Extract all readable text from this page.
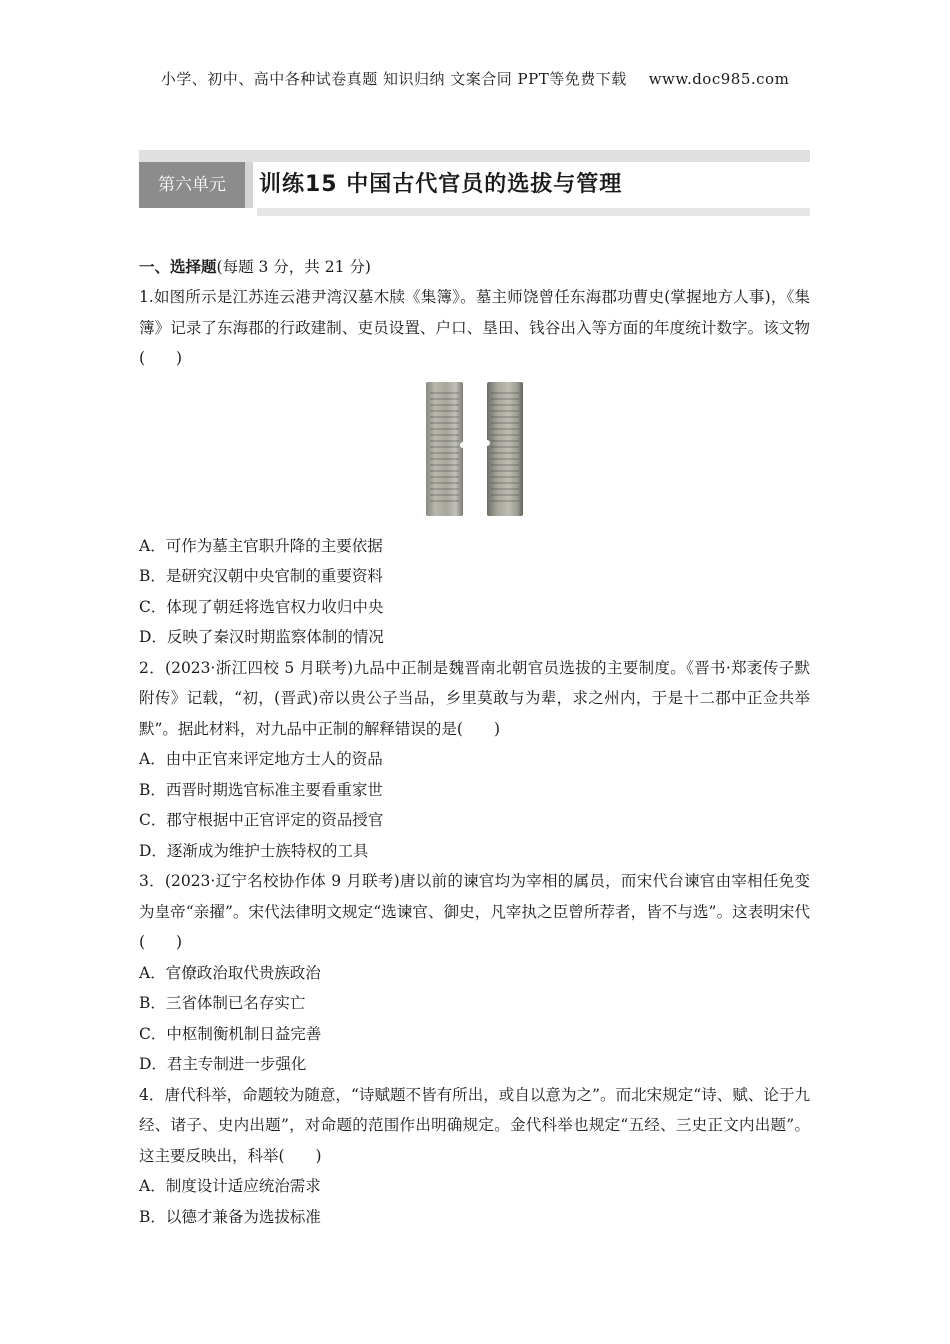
小学、初中、高中各种试卷真题 知识归纳 文案合同 PPT等免费下载 www.doc985.com
第六单元	训练15 中国古代官员的选拔与管理

一、选择题(每题 3 分，共 21 分)

1.如图所示是江苏连云港尹湾汉墓木牍《集簿》。墓主师饶曾任东海郡功曹史(掌握地方人事)，《集簿》记录了东海郡的行政建制、吏员设置、户口、垦田、钱谷出入等方面的年度统计数字。该文物(　　)

A．可作为墓主官职升降的主要依据

B．是研究汉朝中央官制的重要资料

C．体现了朝廷将选官权力收归中央

D．反映了秦汉时期监察体制的情况

2．(2023·浙江四校 5 月联考)九品中正制是魏晋南北朝官员选拔的主要制度。《晋书·郑袤传子默附传》记载，“初，(晋武)帝以贵公子当品，乡里莫敢与为辈，求之州内，于是十二郡中正佥共举默”。据此材料，对九品中正制的解释错误的是(　　)

A．由中正官来评定地方士人的资品

B．西晋时期选官标准主要看重家世

C．郡守根据中正官评定的资品授官

D．逐渐成为维护士族特权的工具

3．(2023·辽宁名校协作体 9 月联考)唐以前的谏官均为宰相的属员，而宋代台谏官由宰相任免变为皇帝“亲擢”。宋代法律明文规定“选谏官、御史，凡宰执之臣曾所荐者，皆不与选”。这表明宋代(　　)

A．官僚政治取代贵族政治

B．三省体制已名存实亡

C．中枢制衡机制日益完善

D．君主专制进一步强化

4．唐代科举，命题较为随意，“诗赋题不皆有所出，或自以意为之”。而北宋规定“诗、赋、论于九经、诸子、史内出题”，对命题的范围作出明确规定。金代科举也规定“五经、三史正文内出题”。这主要反映出，科举(　　)

A．制度设计适应统治需求

B．以德才兼备为选拔标准
